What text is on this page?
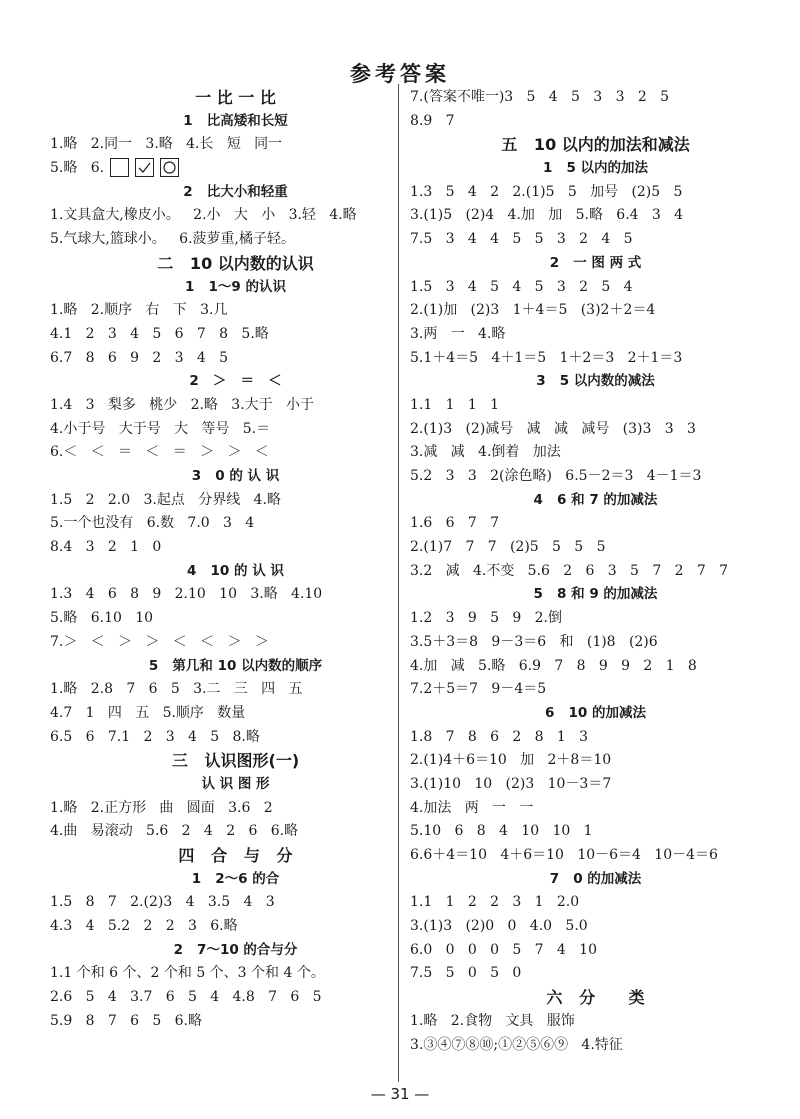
参考答案
一 比 一 比
1   比高矮和长短
1.略   2.同一   3.略   4.长   短   同一
5.略   6.
2   比大小和轻重
1.文具盒大,橡皮小。   2.小   大   小   3.轻   4.略
5.气球大,篮球小。   6.菠萝重,橘子轻。
二   10 以内数的认识
1   1～9 的认识
1.略   2.顺序   右   下   3.几
4.1   2   3   4   5   6   7   8   5.略
6.7   8   6   9   2   3   4   5
2   ＞   ＝   ＜
1.4   3   梨多   桃少   2.略   3.大于   小于
4.小于号   大于号   大   等号   5.＝
6.＜   ＜   ＝   ＜   ＝   ＞   ＞   ＜
3   0 的 认 识
1.5   2   2.0   3.起点   分界线   4.略
5.一个也没有   6.数   7.0   3   4
8.4   3   2   1   0
4   10 的 认 识
1.3   4   6   8   9   2.10   10   3.略   4.10
5.略   6.10   10
7.＞   ＜   ＞   ＞   ＜   ＜   ＞   ＞
5   第几和 10 以内数的顺序
1.略   2.8   7   6   5   3.二   三   四   五
4.7   1   四   五   5.顺序   数量
6.5   6   7.1   2   3   4   5   8.略
三   认识图形(一)
认 识 图 形
1.略   2.正方形   曲   圆面   3.6   2
4.曲   易滚动   5.6   2   4   2   6   6.略
四   合   与   分
1   2～6 的合
1.5   8   7   2.(2)3   4   3.5   4   3
4.3   4   5.2   2   2   3   6.略
2   7～10 的合与分
1.1 个和 6 个、2 个和 5 个、3 个和 4 个。
2.6   5   4   3.7   6   5   4   4.8   7   6   5
5.9   8   7   6   5   6.略
7.(答案不唯一)3   5   4   5   3   3   2   5
8.9   7
五   10 以内的加法和减法
1   5 以内的加法
1.3   5   4   2   2.(1)5   5   加号   (2)5   5
3.(1)5   (2)4   4.加   加   5.略   6.4   3   4
7.5   3   4   4   5   5   3   2   4   5
2   一 图 两 式
1.5   3   4   5   4   5   3   2   5   4
2.(1)加   (2)3   1＋4＝5   (3)2＋2＝4
3.两   一   4.略
5.1＋4＝5   4＋1＝5   1＋2＝3   2＋1＝3
3   5 以内数的减法
1.1   1   1   1
2.(1)3   (2)减号   减   减   减号   (3)3   3   3
3.减   减   4.倒着   加法
5.2   3   3   2(涂色略)   6.5－2＝3   4－1＝3
4   6 和 7 的加减法
1.6   6   7   7
2.(1)7   7   7   (2)5   5   5   5
3.2   减   4.不变   5.6   2   6   3   5   7   2   7   7
5   8 和 9 的加减法
1.2   3   9   5   9   2.倒
3.5＋3＝8   9－3＝6   和   (1)8   (2)6
4.加   减   5.略   6.9   7   8   9   9   2   1   8
7.2＋5＝7   9－4＝5
6   10 的加减法
1.8   7   8   6   2   8   1   3
2.(1)4＋6＝10   加   2＋8＝10
3.(1)10   10   (2)3   10－3＝7
4.加法   两   一   一
5.10   6   8   4   10   10   1
6.6＋4＝10   4＋6＝10   10－6＝4   10－4＝6
7   0 的加减法
1.1   1   2   2   3   1   2.0
3.(1)3   (2)0   0   4.0   5.0
6.0   0   0   0   5   7   4   10
7.5   5   0   5   0
六   分      类
1.略   2.食物   文具   服饰
3.③④⑦⑧⑩;①②⑤⑥⑨   4.特征
— 31 —
